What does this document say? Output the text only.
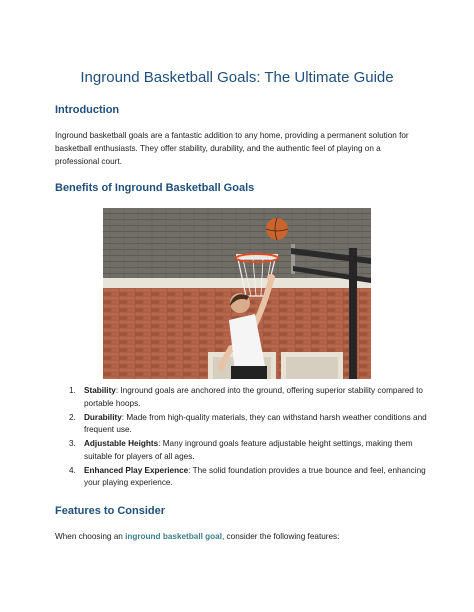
Inground Basketball Goals: The Ultimate Guide
Introduction

Inground basketball goals are a fantastic addition to any home, providing a permanent solution for basketball enthusiasts. They offer stability, durability, and the authentic feel of playing on a professional court.

Benefits of Inground Basketball Goals
1. Stability: Inground goals are anchored into the ground, offering superior stability compared to portable hoops.
2. Durability: Made from high-quality materials, they can withstand harsh weather conditions and frequent use.
3. Adjustable Heights: Many inground goals feature adjustable height settings, making them suitable for players of all ages.
4. Enhanced Play Experience: The solid foundation provides a true bounce and feel, enhancing your playing experience.
Features to Consider

When choosing an inground basketball goal, consider the following features:
